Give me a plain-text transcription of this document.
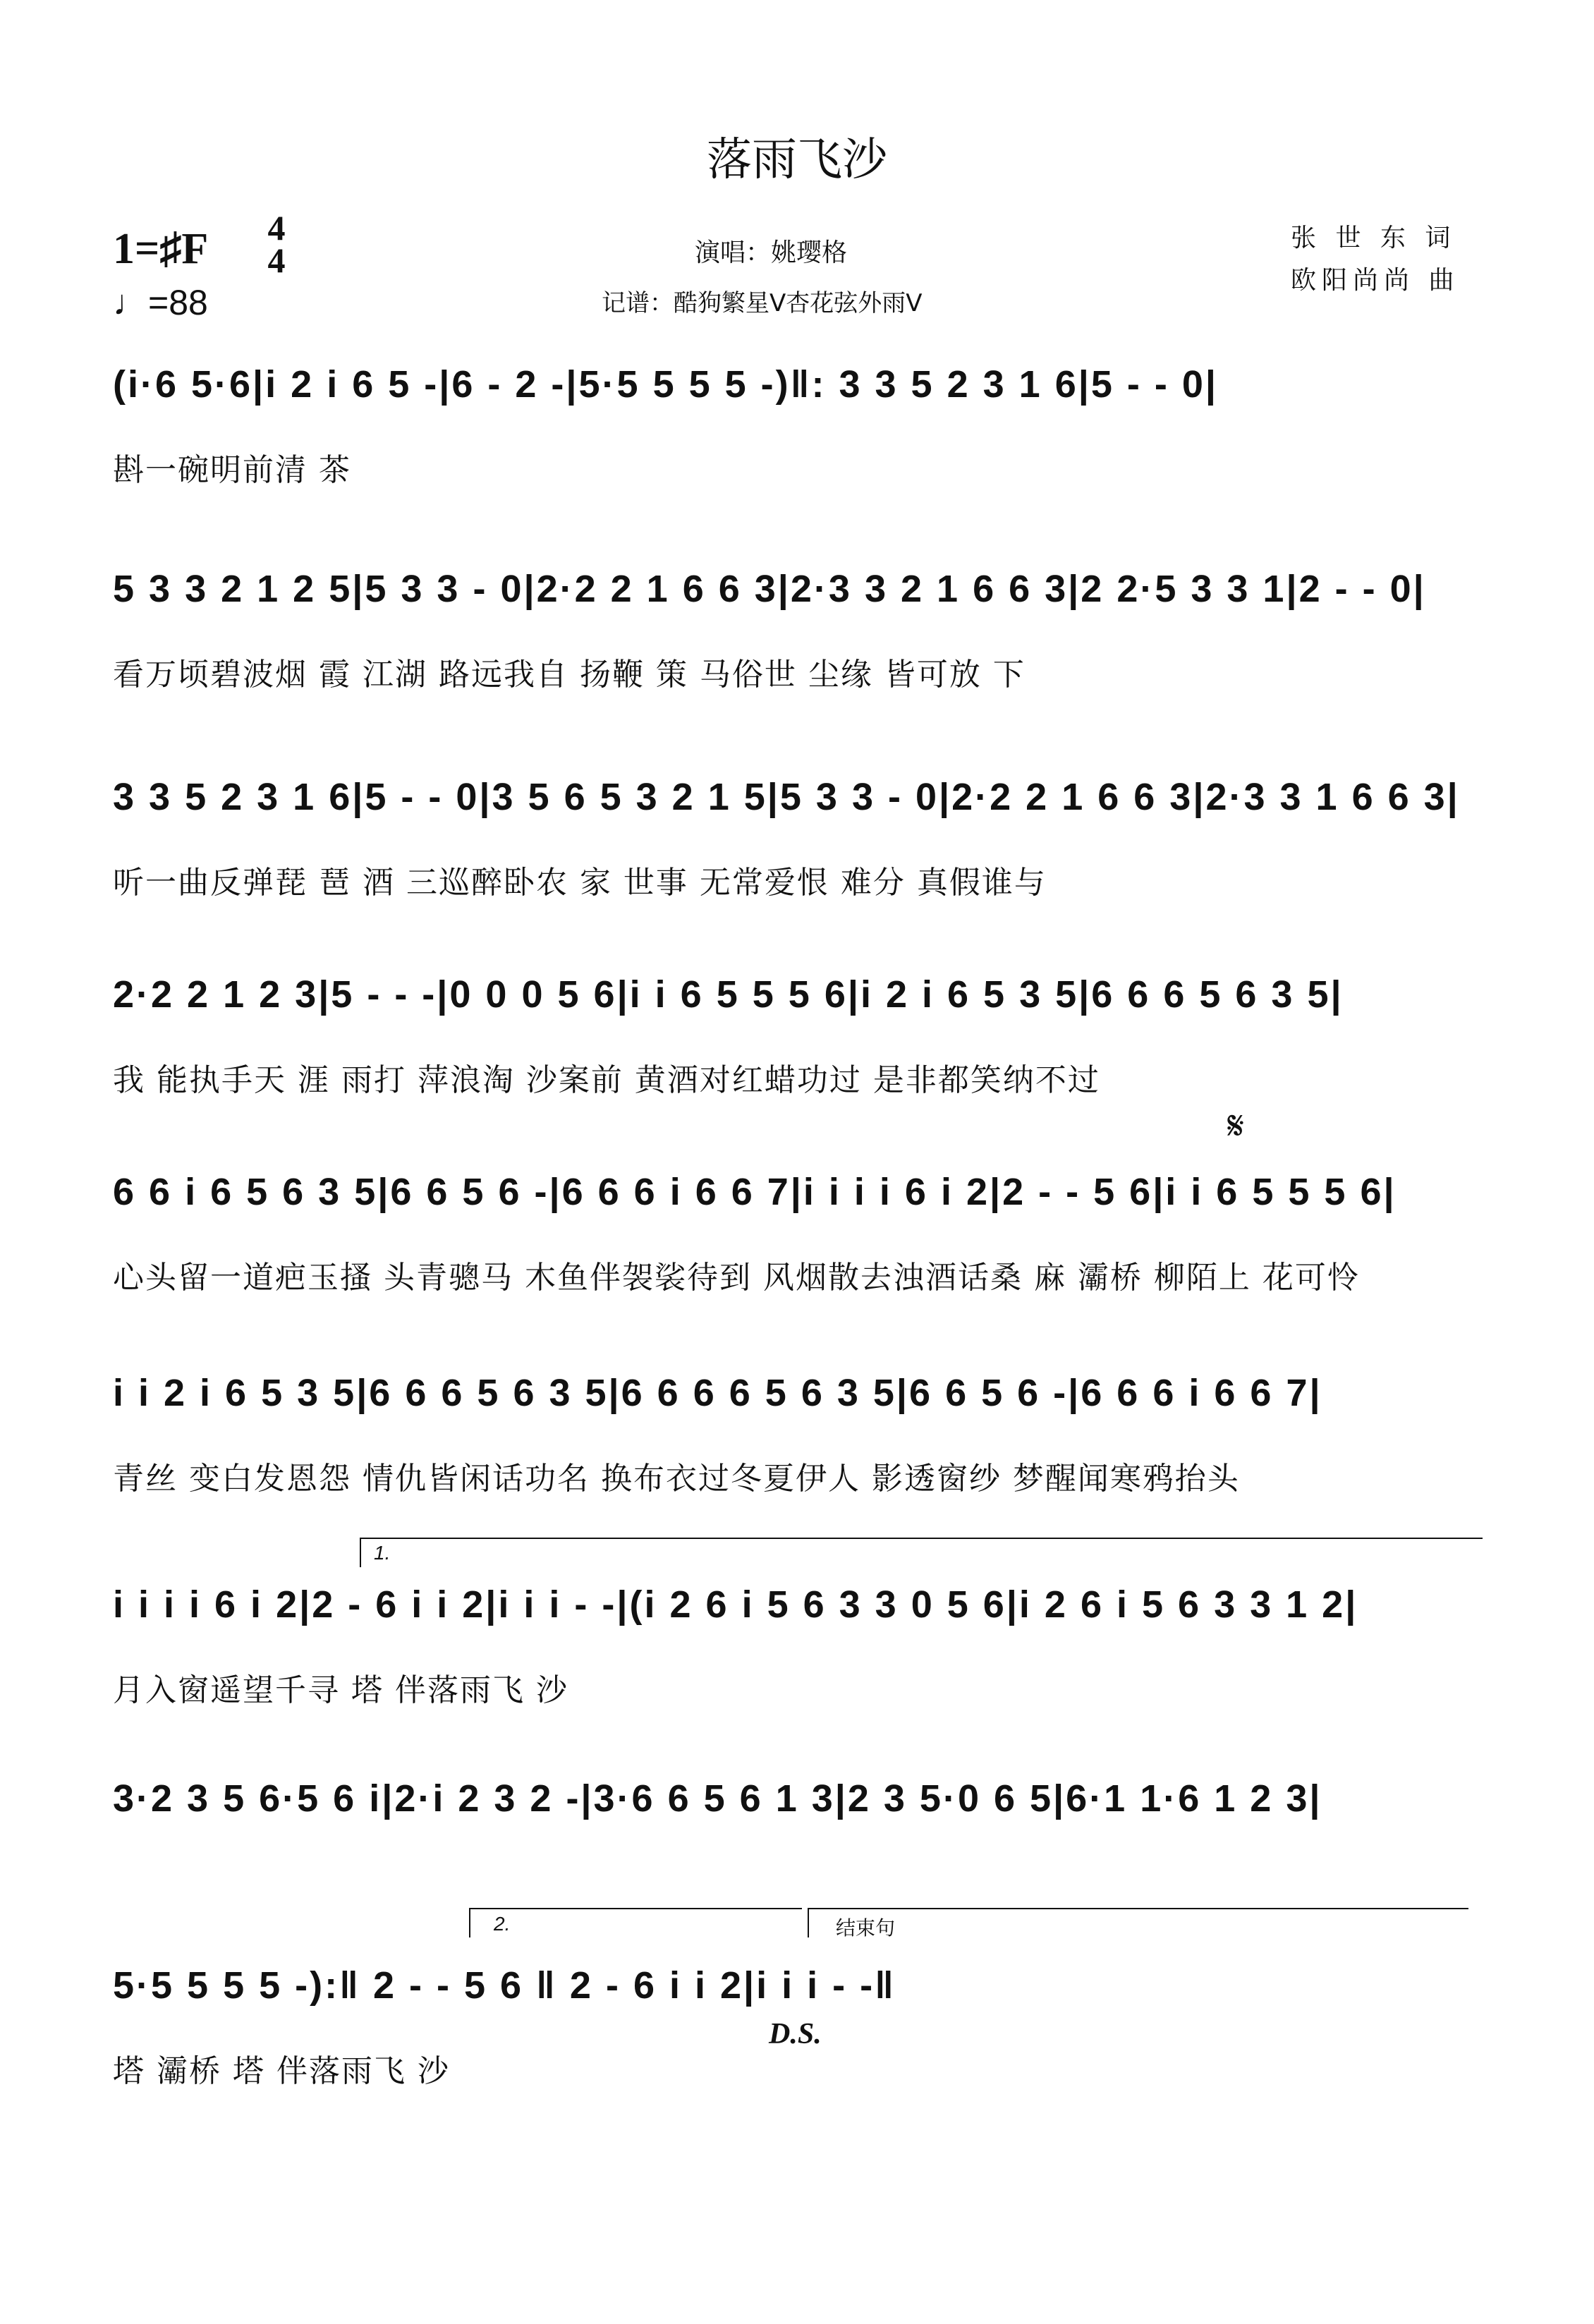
落雨飞沙
1=♯F	4
4
♩=88
演唱：姚璎格
记谱：酷狗繁星V杏花弦外雨V
张 世 东 词
欧阳尚尚 曲
𝄋
(i·6 5·6|i 2 i 6 5 -|6 - 2 -|5·5 5 5 5 -)‖: 3 3 5 2 3 1 6|5 - - 0|
斟一碗明前清 茶
5 3 3 2 1 2 5|5 3 3 - 0|2·2 2 1 6 6 3|2·3 3 2 1 6 6 3|2 2·5 3 3 1|2 - - 0|
看万顷碧波烟 霞 江湖 路远我自 扬鞭 策 马俗世 尘缘 皆可放 下
3 3 5 2 3 1 6|5 - - 0|3 5 6 5 3 2 1 5|5 3 3 - 0|2·2 2 1 6 6 3|2·3 3 1 6 6 3|
听一曲反弹琵 琶 酒 三巡醉卧农 家 世事 无常爱恨 难分 真假谁与
2·2 2 1 2 3|5 - - -|0 0 0 5 6|i i 6 5 5 5 6|i 2 i 6 5 3 5|6 6 6 5 6 3 5|
我 能执手天 涯 雨打 萍浪淘 沙案前 黄酒对红蜡功过 是非都笑纳不过
6 6 i 6 5 6 3 5|6 6 5 6 -|6 6 6 i 6 6 7|i i i i 6 i 2|2 - - 5 6|i i 6 5 5 5 6|
心头留一道疤玉搔 头青骢马 木鱼伴袈裟待到 风烟散去浊酒话桑 麻 灞桥 柳陌上 花可怜
i i 2 i 6 5 3 5|6 6 6 5 6 3 5|6 6 6 6 5 6 3 5|6 6 5 6 -|6 6 6 i 6 6 7|
青丝 变白发恩怨 情仇皆闲话功名 换布衣过冬夏伊人 影透窗纱 梦醒闻寒鸦抬头
i i i i 6 i 2|2 - 6 i i 2|i i i - -|(i 2 6 i 5 6 3 3 0 5 6|i 2 6 i 5 6 3 3 1 2|
月入窗遥望千寻 塔 伴落雨飞 沙
3·2 3 5 6·5 6 i|2·i 2 3 2 -|3·6 6 5 6 1 3|2 3 5·0 6 5|6·1 1·6 1 2 3|
5·5 5 5 5 -):‖ 2 - - 5 6 ‖ 2 - 6 i i 2|i i i - -‖
塔 灞桥 塔 伴落雨飞 沙
1.
2.	结束句
D.S.
